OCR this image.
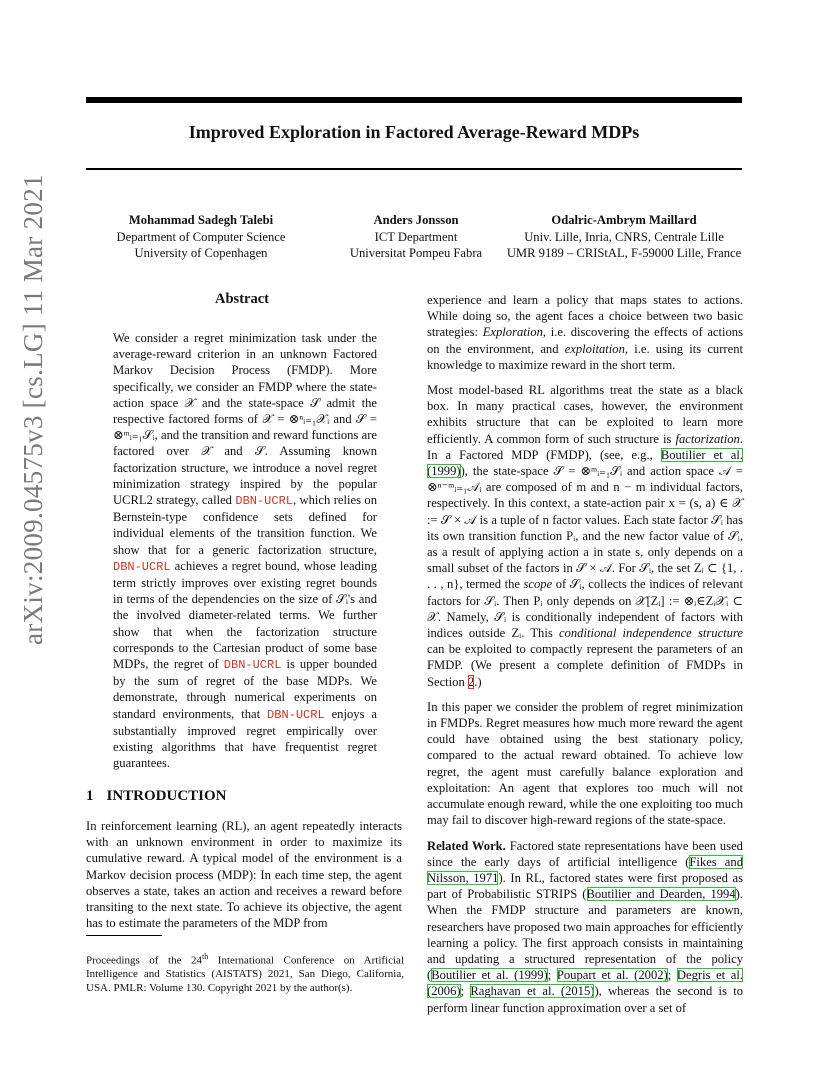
Improved Exploration in Factored Average-Reward MDPs
Mohammad Sadegh Talebi
Department of Computer Science
University of Copenhagen
Anders Jonsson
ICT Department
Universitat Pompeu Fabra
Odalric-Ambrym Maillard
Univ. Lille, Inria, CNRS, Centrale Lille
UMR 9189 – CRIStAL, F-59000 Lille, France
arXiv:2009.04575v3 [cs.LG] 11 Mar 2021	Abstract

We consider a regret minimization task under the average-reward criterion in an unknown Factored Markov Decision Process (FMDP). More specifically, we consider an FMDP where the state-action space 𝒳 and the state-space 𝒮 admit the respective factored forms of 𝒳 = ⊗ⁿᵢ₌₁𝒳ᵢ and 𝒮 = ⊗ᵐᵢ₌₁𝒮ᵢ, and the transition and reward functions are factored over 𝒳 and 𝒮. Assuming known factorization structure, we introduce a novel regret minimization strategy inspired by the popular UCRL2 strategy, called DBN-UCRL, which relies on Bernstein-type confidence sets defined for individual elements of the transition function. We show that for a generic factorization structure, DBN-UCRL achieves a regret bound, whose leading term strictly improves over existing regret bounds in terms of the dependencies on the size of 𝒮ᵢ's and the involved diameter-related terms. We further show that when the factorization structure corresponds to the Cartesian product of some base MDPs, the regret of DBN-UCRL is upper bounded by the sum of regret of the base MDPs. We demonstrate, through numerical experiments on standard environments, that DBN-UCRL enjoys a substantially improved regret empirically over existing algorithms that have frequentist regret guarantees.

1 INTRODUCTION

In reinforcement learning (RL), an agent repeatedly interacts with an unknown environment in order to maximize its cumulative reward. A typical model of the environment is a Markov decision process (MDP): In each time step, the agent observes a state, takes an action and receives a reward before transiting to the next state. To achieve its objective, the agent has to estimate the parameters of the MDP from

Proceedings of the 24th International Conference on Artificial Intelligence and Statistics (AISTATS) 2021, San Diego, California, USA. PMLR: Volume 130. Copyright 2021 by the author(s).

experience and learn a policy that maps states to actions. While doing so, the agent faces a choice between two basic strategies: Exploration, i.e. discovering the effects of actions on the environment, and exploitation, i.e. using its current knowledge to maximize reward in the short term.

Most model-based RL algorithms treat the state as a black box. In many practical cases, however, the environment exhibits structure that can be exploited to learn more efficiently. A common form of such structure is factorization. In a Factored MDP (FMDP), (see, e.g., Boutilier et al. (1999)), the state-space 𝒮 = ⊗ᵐᵢ₌₁𝒮ᵢ and action space 𝒜 = ⊗ⁿ⁻ᵐᵢ₌₁𝒜ᵢ are composed of m and n − m individual factors, respectively. In this context, a state-action pair x = (s, a) ∈ 𝒳 := 𝒮 × 𝒜 is a tuple of n factor values. Each state factor 𝒮ᵢ has its own transition function Pᵢ, and the new factor value of 𝒮ᵢ, as a result of applying action a in state s, only depends on a small subset of the factors in 𝒮 × 𝒜. For 𝒮ᵢ, the set Zᵢ ⊂ {1, . . . , n}, termed the scope of 𝒮ᵢ, collects the indices of relevant factors for 𝒮ᵢ. Then Pᵢ only depends on 𝒳[Zᵢ] := ⊗ᵢ∈Zᵢ𝒳ᵢ ⊂ 𝒳. Namely, 𝒮ᵢ is conditionally independent of factors with indices outside Zᵢ. This conditional independence structure can be exploited to compactly represent the parameters of an FMDP. (We present a complete definition of FMDPs in Section 2.)

In this paper we consider the problem of regret minimization in FMDPs. Regret measures how much more reward the agent could have obtained using the best stationary policy, compared to the actual reward obtained. To achieve low regret, the agent must carefully balance exploration and exploitation: An agent that explores too much will not accumulate enough reward, while the one exploiting too much may fail to discover high-reward regions of the state-space.

Related Work. Factored state representations have been used since the early days of artificial intelligence (Fikes and Nilsson, 1971). In RL, factored states were first proposed as part of Probabilistic STRIPS (Boutilier and Dearden, 1994). When the FMDP structure and parameters are known, researchers have proposed two main approaches for efficiently learning a policy. The first approach consists in maintaining and updating a structured representation of the policy (Boutilier et al. (1999); Poupart et al. (2002); Degris et al. (2006); Raghavan et al. (2015)), whereas the second is to perform linear function approximation over a set of
